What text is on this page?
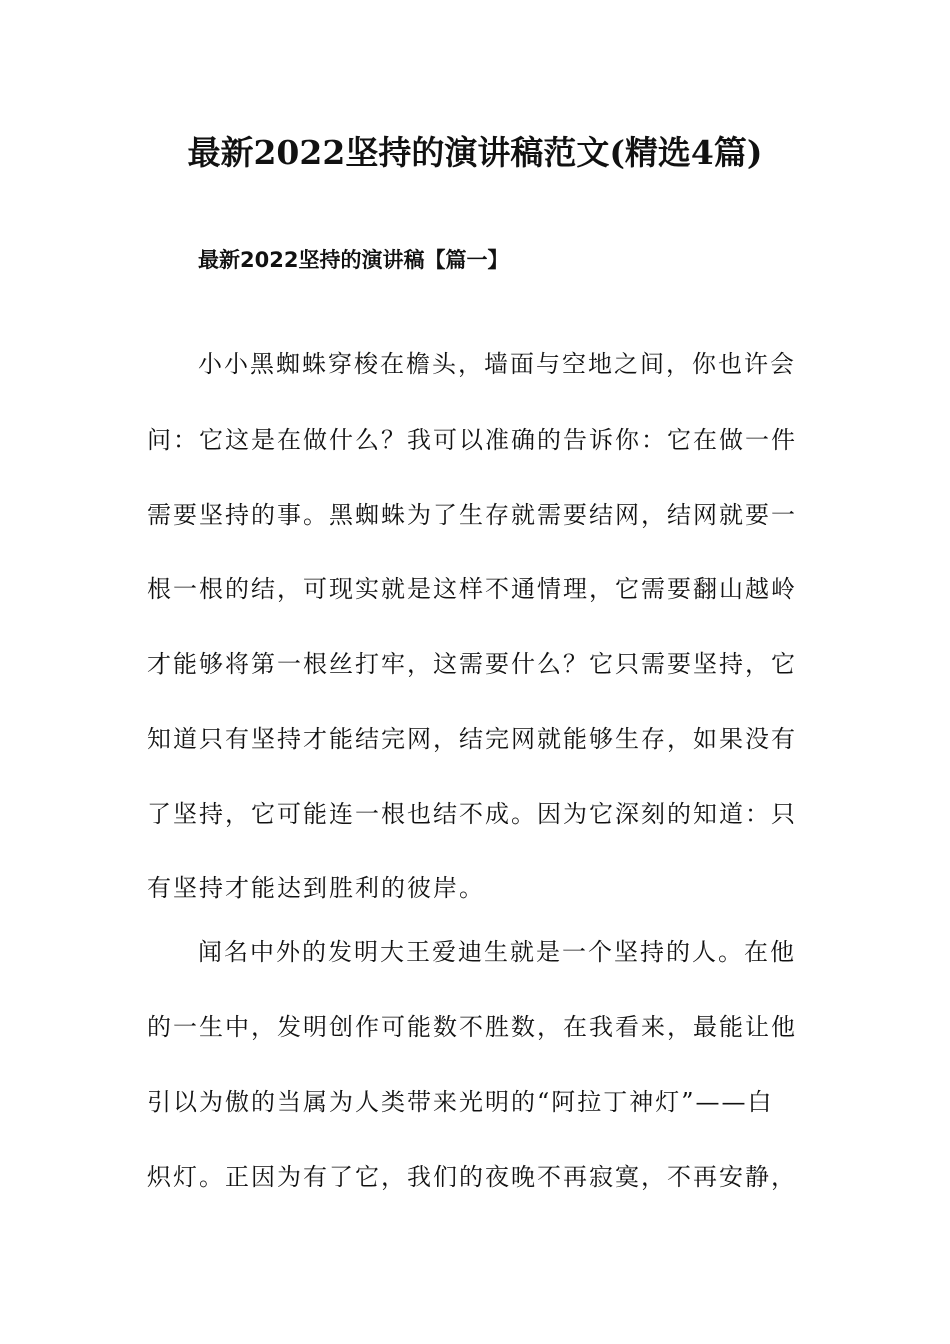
最新2022坚持的演讲稿范文(精选4篇)
最新2022坚持的演讲稿【篇一】
小小黑蜘蛛穿梭在檐头，墙面与空地之间，你也许会
问：它这是在做什么？我可以准确的告诉你：它在做一件
需要坚持的事。黑蜘蛛为了生存就需要结网，结网就要一
根一根的结，可现实就是这样不通情理，它需要翻山越岭
才能够将第一根丝打牢，这需要什么？它只需要坚持，它
知道只有坚持才能结完网，结完网就能够生存，如果没有
了坚持，它可能连一根也结不成。因为它深刻的知道：只
有坚持才能达到胜利的彼岸。
闻名中外的发明大王爱迪生就是一个坚持的人。在他
的一生中，发明创作可能数不胜数，在我看来，最能让他
引以为傲的当属为人类带来光明的“阿拉丁神灯”——白
炽灯。正因为有了它，我们的夜晚不再寂寞，不再安静，
